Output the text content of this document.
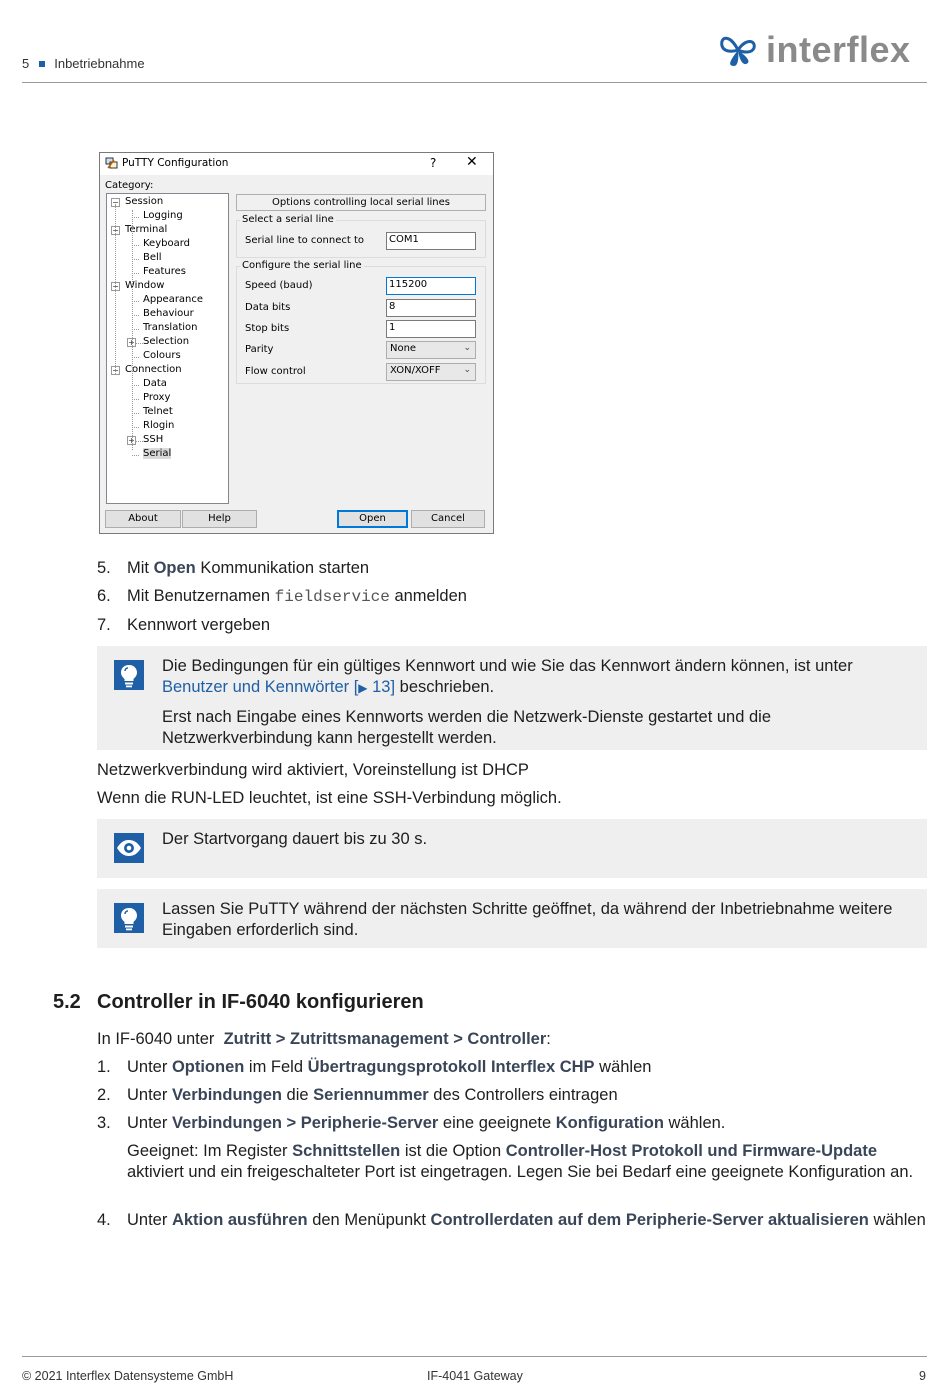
5 Inbetriebnahme	interflex
PuTTY Configuration	? ✕
Category:
− Session
Logging
− Terminal
Keyboard
Bell
Features
− Window
Appearance
Behaviour
Translation
+ Selection
Colours
− Connection
Data
Proxy
Telnet
Rlogin
+ SSH
Serial
Options controlling local serial lines
Select a serial line
Serial line to connect to	COM1
Configure the serial line
Speed (baud)	115200
Data bits	8
Stop bits	1
Parity	None	⌄
Flow control	XON/XOFF	⌄
About	Help	Open	Cancel
5. Mit Open Kommunikation starten
6. Mit Benutzernamen fieldservice anmelden
7. Kennwort vergeben
Die Bedingungen für ein gültiges Kennwort und wie Sie das Kennwort ändern können, ist unter Benutzer und Kennwörter [▶ 13] beschrieben.
Erst nach Eingabe eines Kennworts werden die Netzwerk-Dienste gestartet und die Netzwerkverbindung kann hergestellt werden.
Netzwerkverbindung wird aktiviert, Voreinstellung ist DHCP
Wenn die RUN-LED leuchtet, ist eine SSH-Verbindung möglich.
Der Startvorgang dauert bis zu 30 s.
Lassen Sie PuTTY während der nächsten Schritte geöffnet, da während der Inbetriebnahme weitere Eingaben erforderlich sind.
5.2 Controller in IF-6040 konfigurieren
In IF-6040 unter  Zutritt > Zutrittsmanagement > Controller:
1. Unter Optionen im Feld Übertragungsprotokoll Interflex CHP wählen
2. Unter Verbindungen die Seriennummer des Controllers eintragen
3. Unter Verbindungen > Peripherie-Server eine geeignete Konfiguration wählen.
Geeignet: Im Register Schnittstellen ist die Option Controller-Host Protokoll und Firmware-Update aktiviert und ein freigeschalteter Port ist eingetragen. Legen Sie bei Bedarf eine geeignete Konfiguration an.
4. Unter Aktion ausführen den Menüpunkt Controllerdaten auf dem Peripherie-Server aktualisieren wählen
© 2021 Interflex Datensysteme GmbH	IF-4041 Gateway	9
